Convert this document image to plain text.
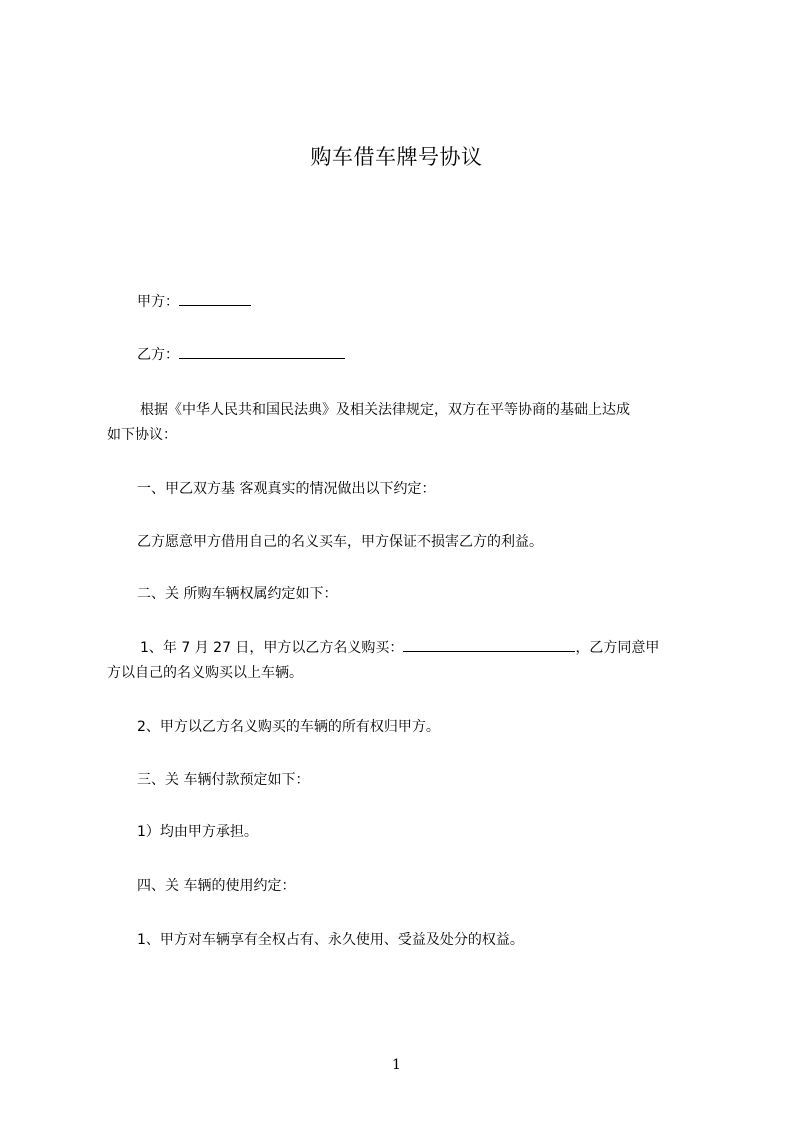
购车借车牌号协议
甲方：
乙方：
根据《中华人民共和国民法典》及相关法律规定，双方在平等协商的基础上达成
如下协议：
一、甲乙双方基 客观真实的情况做出以下约定：
乙方愿意甲方借用自己的名义买车，甲方保证不损害乙方的利益。
二、关 所购车辆权属约定如下：
1、年 7 月 27 日，甲方以乙方名义购买：	，乙方同意甲
方以自己的名义购买以上车辆。
2、甲方以乙方名义购买的车辆的所有权归甲方。
三、关 车辆付款预定如下：
1）均由甲方承担。
四、关 车辆的使用约定：
1、甲方对车辆享有全权占有、永久使用、受益及处分的权益。
1
